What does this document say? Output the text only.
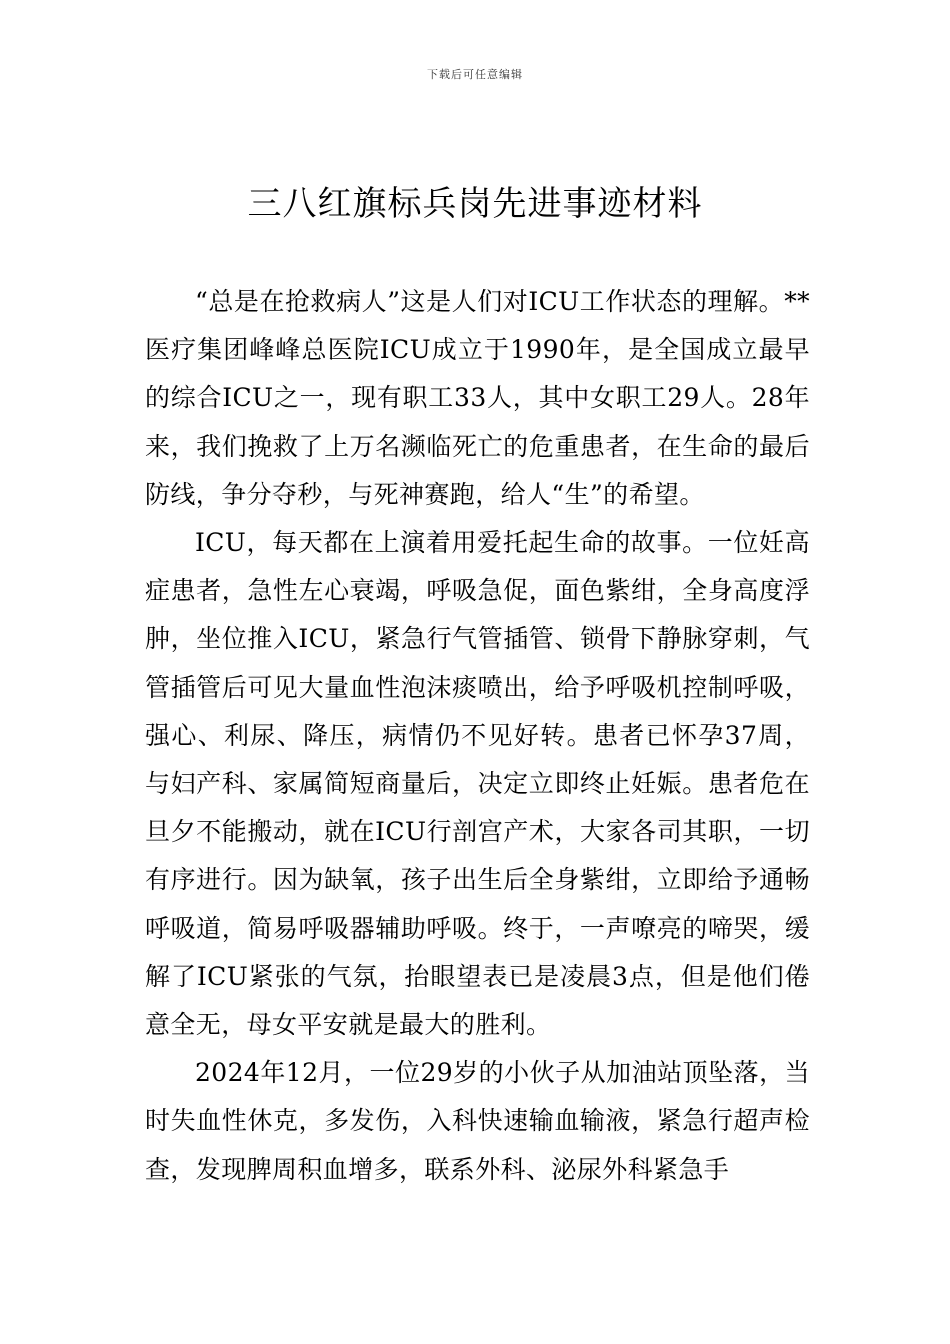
下载后可任意编辑
三八红旗标兵岗先进事迹材料

“总是在抢救病人”这是人们对ICU工作状态的理解。**医疗集团峰峰总医院ICU成立于1990年，是全国成立最早的综合ICU之一，现有职工33人，其中女职工29人。28年来，我们挽救了上万名濒临死亡的危重患者，在生命的最后防线，争分夺秒，与死神赛跑，给人“生”的希望。

ICU，每天都在上演着用爱托起生命的故事。一位妊高症患者，急性左心衰竭，呼吸急促，面色紫绀，全身高度浮肿，坐位推入ICU，紧急行气管插管、锁骨下静脉穿刺，气管插管后可见大量血性泡沫痰喷出，给予呼吸机控制呼吸，强心、利尿、降压，病情仍不见好转。患者已怀孕37周，与妇产科、家属简短商量后，决定立即终止妊娠。患者危在旦夕不能搬动，就在ICU行剖宫产术，大家各司其职，一切有序进行。因为缺氧，孩子出生后全身紫绀，立即给予通畅呼吸道，简易呼吸器辅助呼吸。终于，一声嘹亮的啼哭，缓解了ICU紧张的气氛，抬眼望表已是凌晨3点，但是他们倦意全无，母女平安就是最大的胜利。

2024年12月，一位29岁的小伙子从加油站顶坠落，当时失血性休克，多发伤，入科快速输血输液，紧急行超声检查，发现脾周积血增多，联系外科、泌尿外科紧急手
